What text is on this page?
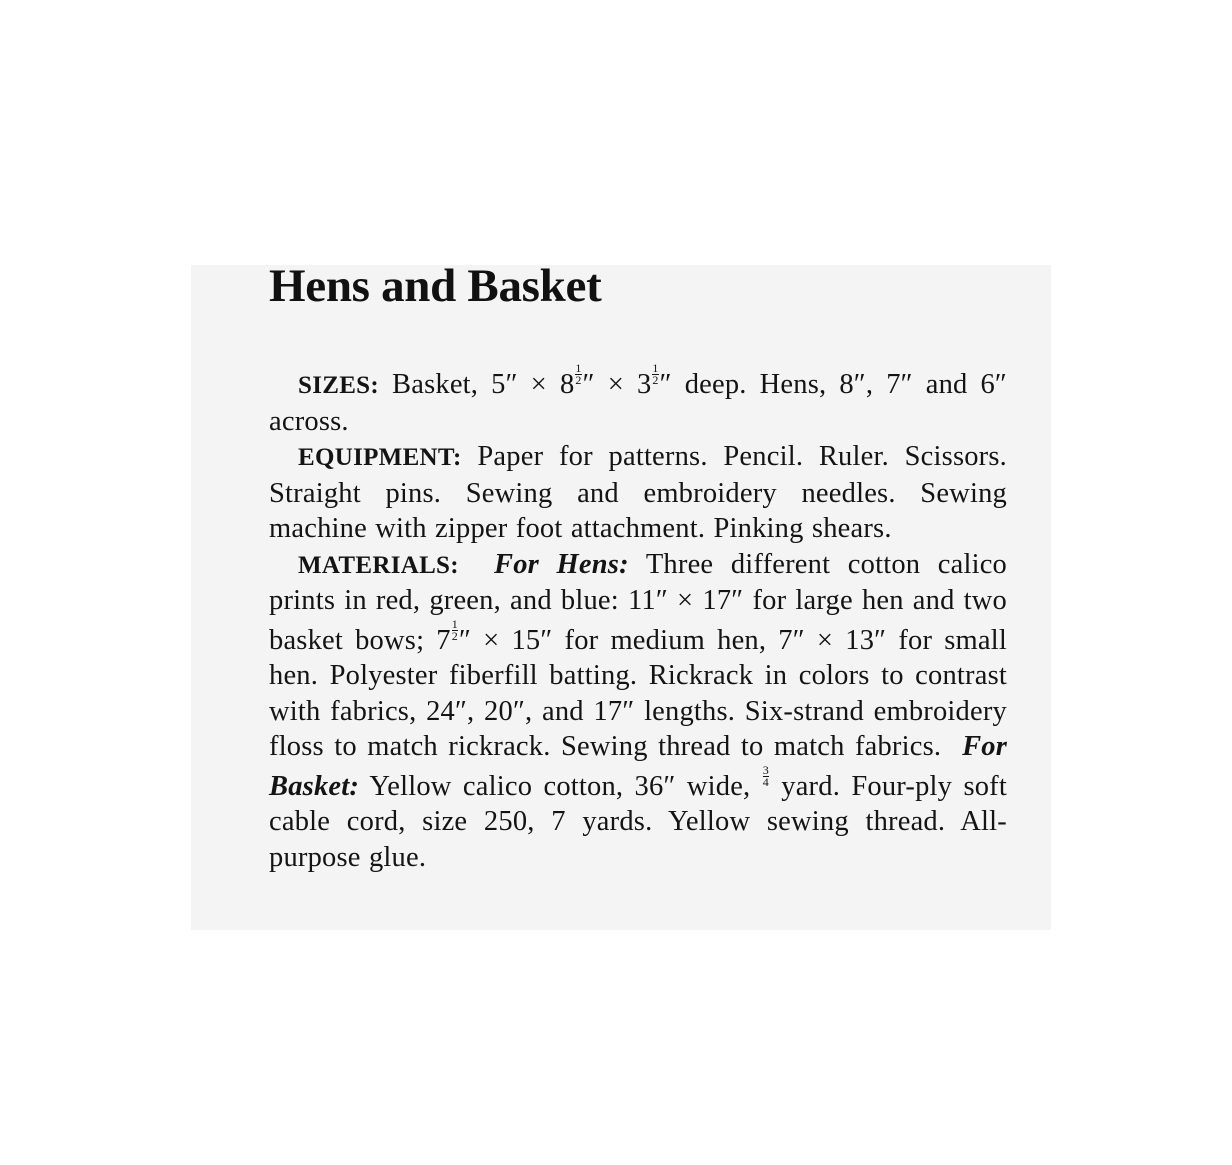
Hens and Basket

SIZES: Basket, $5'' \times 8 \frac{1}{2}$ ″ × $3 \frac{1}{2}$ ″ deep. Hens, 8″, 7″ and 6″ across.

EQUIPMENT: Paper for patterns. Pencil. Ruler. Scissors. Straight pins. Sewing and embroidery needles. Sewing machine with zipper foot attachment. Pinking shears.

MATERIALS: For Hens: Three different cotton calico prints in red, green, and blue: 11″ × 17″ for large hen and two basket bows; $7 \frac{1}{2}$ ″ × 15″ for medium hen, 7″ × 13″ for small hen. Polyester fiberfill batting. Rickrack in colors to contrast with fabrics, 24″, 20″, and 17″ lengths. Six-strand embroidery floss to match rickrack. Sewing thread to match fabrics. For Basket: Yellow calico cotton, 36″ wide, $\frac{3}{4}$ yard. Four-ply soft cable cord, size 250, 7 yards. Yellow sewing thread. All-purpose glue.
